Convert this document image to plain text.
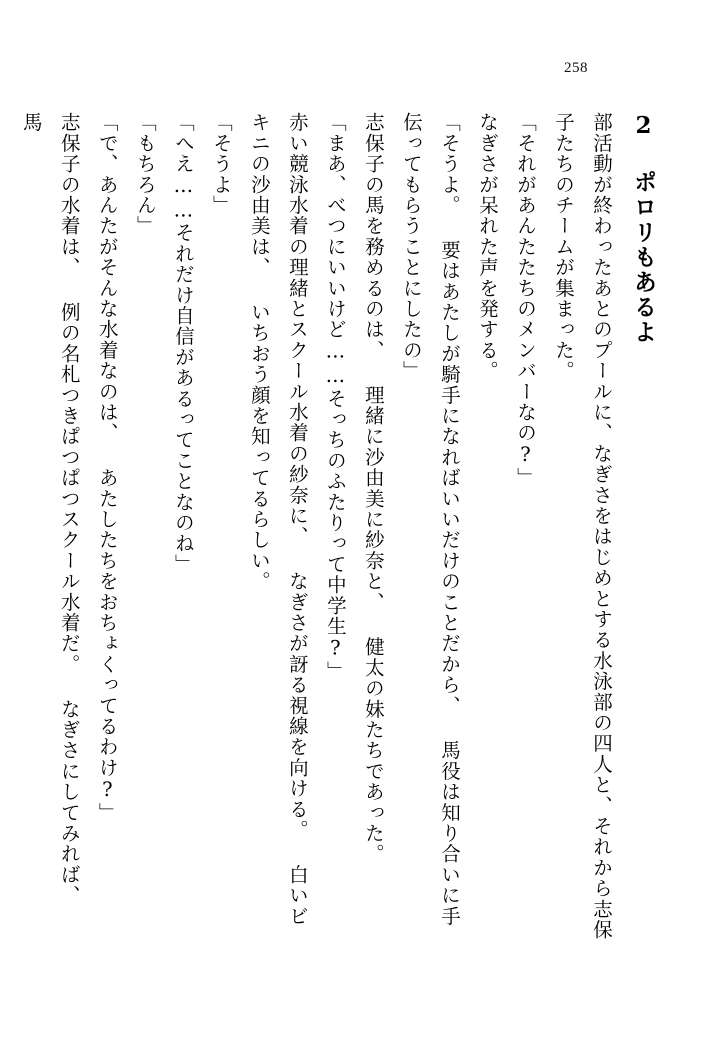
258

2 ポロリもあるよ

部活動が終わったあとのプールに、なぎさをはじめとする水泳部の四人と、それから志保子たちのチームが集まった。

「それがあんたたちのメンバーなの?」

なぎさが呆れた声を発する。

「そうよ。 要はあたしが騎手になればいいだけのことだから、 馬役は知り合いに手伝ってもらうことにしたの」

志保子の馬を務めるのは、 理緒に沙由美に紗奈と、 健太の妹たちであった。

「まあ、べつにいいけど……そっちのふたりって中学生?」

赤い競泳水着の理緒とスクール水着の紗奈に、 なぎさが訝る視線を向ける。 白いビキニの沙由美は、 いちおう顔を知ってるらしい。

「そうよ」

「へえ……それだけ自信があるってことなのね」

「もちろん」

「で、あんたがそんな水着なのは、 あたしたちをおちょくってるわけ?」

志保子の水着は、 例の名札つきぱつぱつスクール水着だ。 なぎさにしてみれば、 馬
